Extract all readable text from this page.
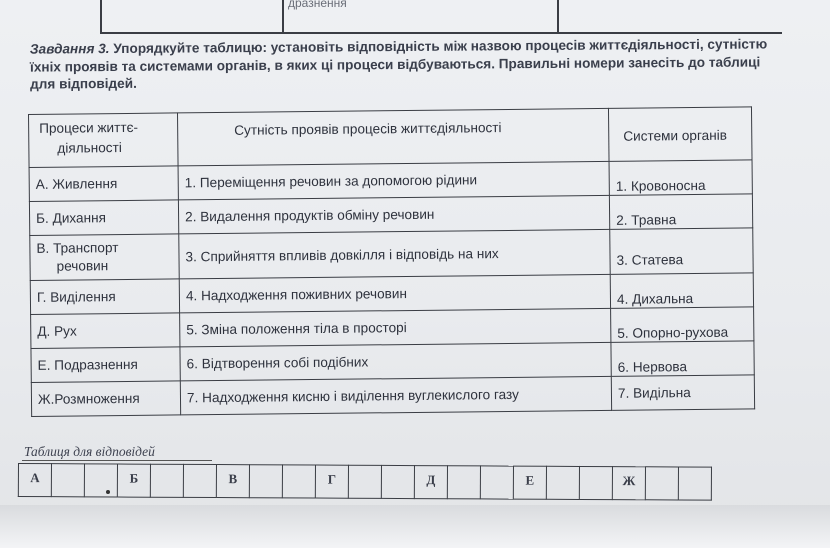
дразнення
Завдання 3. Упорядкуйте таблицю: установіть відповідність між назвою процесів життєдіяльності, сутністю їхніх проявів та системами органів, в яких ці процеси відбуваються. Правильні номери занесіть до таблиці для відповідей.
Процеси життє-
діяльності	Сутність проявів процесів життєдіяльності	Системи органів

А. Живлення	1. Переміщення речовин за допомогою рідини	1. Кровоносна
Б. Дихання	2. Видалення продуктів обміну речовин	2. Травна

В. Транспорт
речовин	3. Сприйняття впливів довкілля і відповідь на них	3. Статева
Г. Виділення	4. Надходження поживних речовин	4. Дихальна
Д. Рух	5. Зміна положення тіла в просторі	5. Опорно-рухова
Е. Подразнення	6. Відтворення собі подібних	6. Нервова
Ж.Розмноження	7. Надходження кисню і виділення вуглекислого газу	7. Видільна
Таблиця для відповідей
А			Б			В			Г			Д			Е			Ж
